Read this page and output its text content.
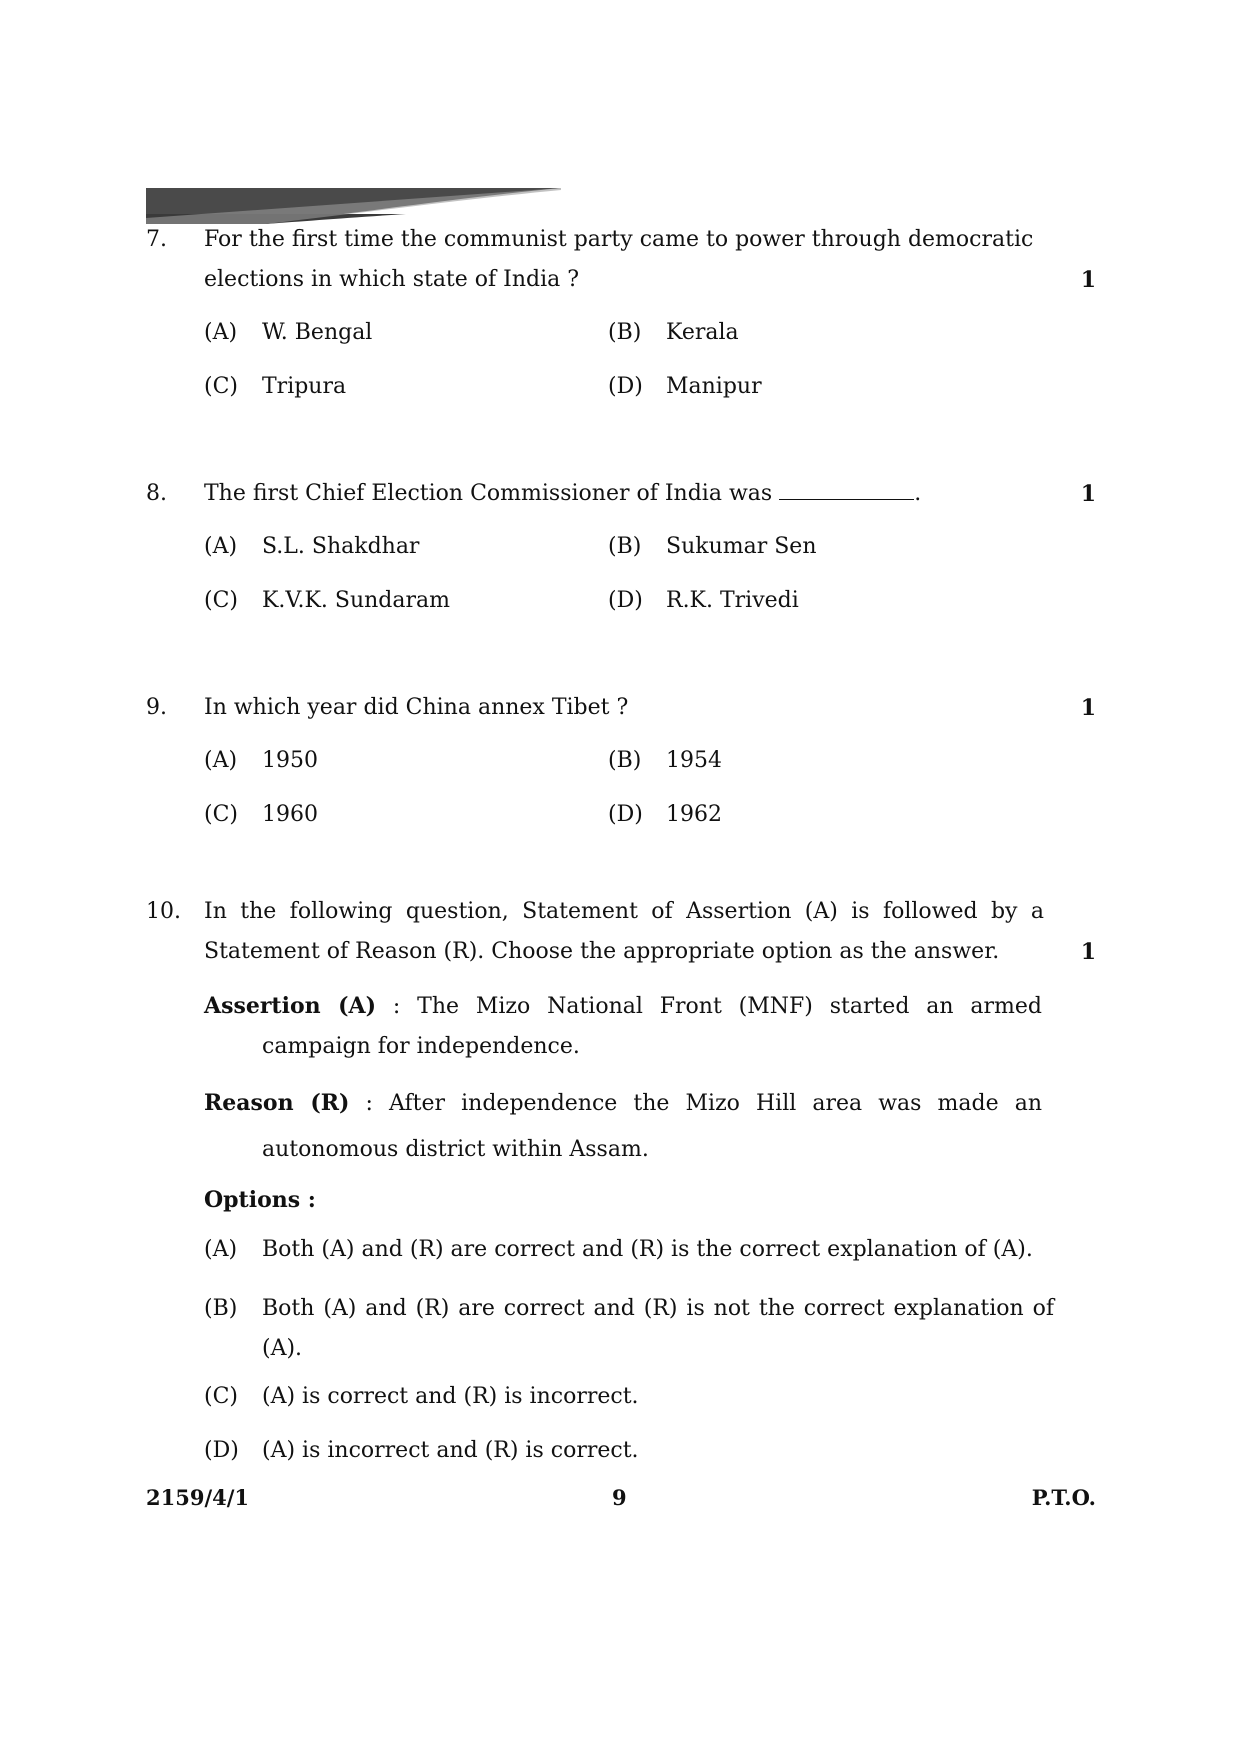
7.	For the first time the communist party came to power through democratic
elections in which state of India ?	1
(A) W. Bengal	(B) Kerala
(C) Tripura	(D) Manipur
8.	The first Chief Election Commissioner of India was	.	1
(A) S.L. Shakdhar	(B) Sukumar Sen
(C) K.V.K. Sundaram	(D) R.K. Trivedi
9.	In which year did China annex Tibet ?	1
(A) 1950	(B) 1954
(C) 1960	(D) 1962
10.	In the following question, Statement of Assertion (A) is followed by a
Statement of Reason (R). Choose the appropriate option as the answer.	1
Assertion (A) : The Mizo National Front (MNF) started an armed
campaign for independence.
Reason (R) : After independence the Mizo Hill area was made an
autonomous district within Assam.
Options :
(A) Both (A) and (R) are correct and (R) is the correct explanation of (A).
(B)	Both (A) and (R) are correct and (R) is not the correct explanation of
(A).
(C) (A) is correct and (R) is incorrect.
(D) (A) is incorrect and (R) is correct.
2159/4/1	9	P.T.O.
